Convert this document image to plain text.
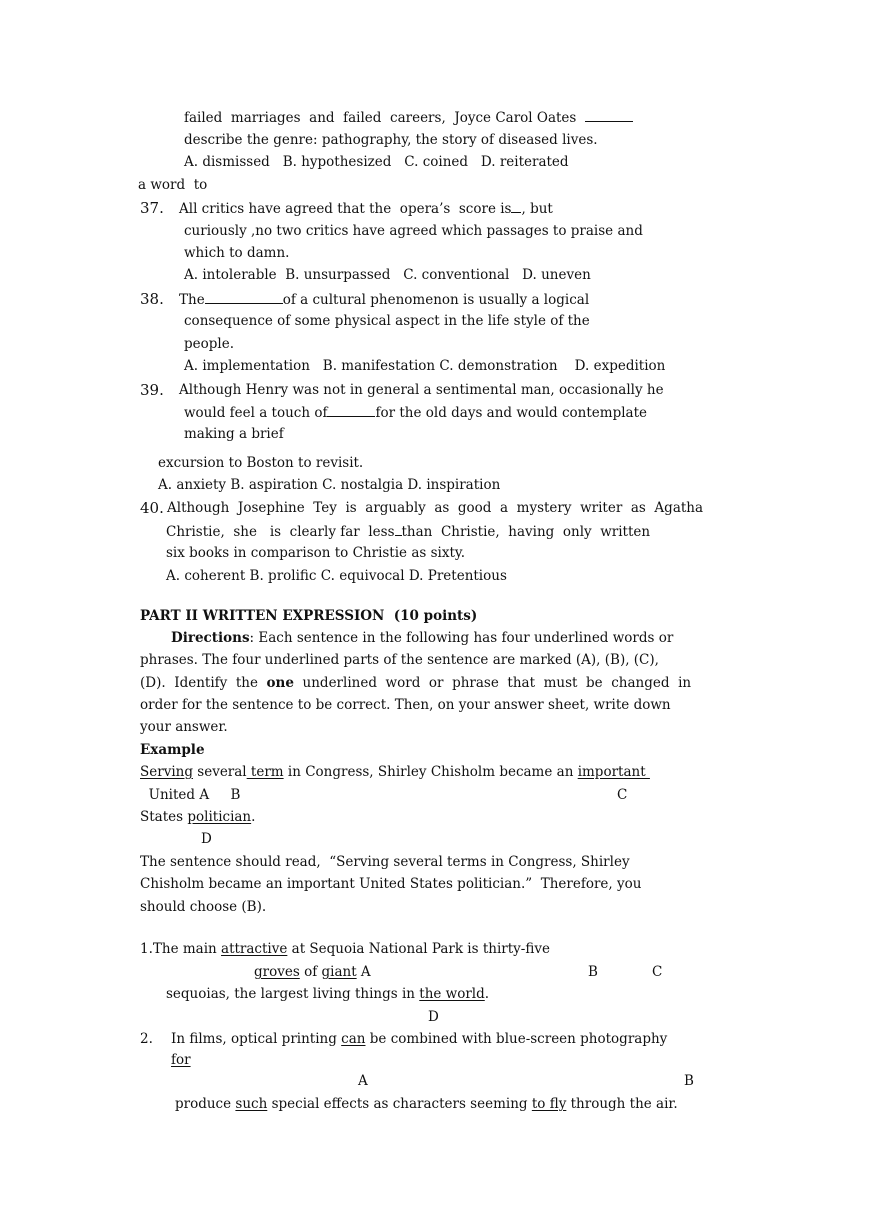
failed  marriages  and  failed  careers,  Joyce Carol Oates
describe the genre: pathography, the story of diseased lives.
A. dismissed   B. hypothesized   C. coined   D. reiterated
a word  to
37. All critics have agreed that the  opera’s  score is , but
curiously ,no two critics have agreed which passages to praise and
which to damn.
A. intolerable  B. unsurpassed   C. conventional   D. uneven
38. The	of a cultural phenomenon is usually a logical
consequence of some physical aspect in the life style of the
people.
A. implementation   B. manifestation C. demonstration    D. expedition
39. Although Henry was not in general a sentimental man, occasionally he
would feel a touch of	for the old days and would contemplate
making a brief
excursion to Boston to revisit.
A. anxiety B. aspiration C. nostalgia D. inspiration
40. Although  Josephine  Tey  is  arguably  as  good  a  mystery  writer  as  Agatha
Christie,  she   is  clearly far  less than  Christie,  having  only  written
six books in comparison to Christie as sixty.
A. coherent B. prolific C. equivocal D. Pretentious
PART II WRITTEN EXPRESSION  (10 points)
Directions: Each sentence in the following has four underlined words or
phrases. The four underlined parts of the sentence are marked (A), (B), (C),
(D).  Identify  the  one  underlined  word  or  phrase  that  must  be  changed  in
order for the sentence to be correct. Then, on your answer sheet, write down
your answer.
Example
Serving several term in Congress, Shirley Chisholm became an important
United A     B	C
States politician.
D
The sentence should read,  “Serving several terms in Congress, Shirley
Chisholm became an important United States politician.”  Therefore, you
should choose (B).
1.The main attractive at Sequoia National Park is thirty-five
groves of giant A	B	C
sequoias, the largest living things in the world.
D
2. In films, optical printing can be combined with blue-screen photography
for
A	B
produce such special effects as characters seeming to fly through the air.
